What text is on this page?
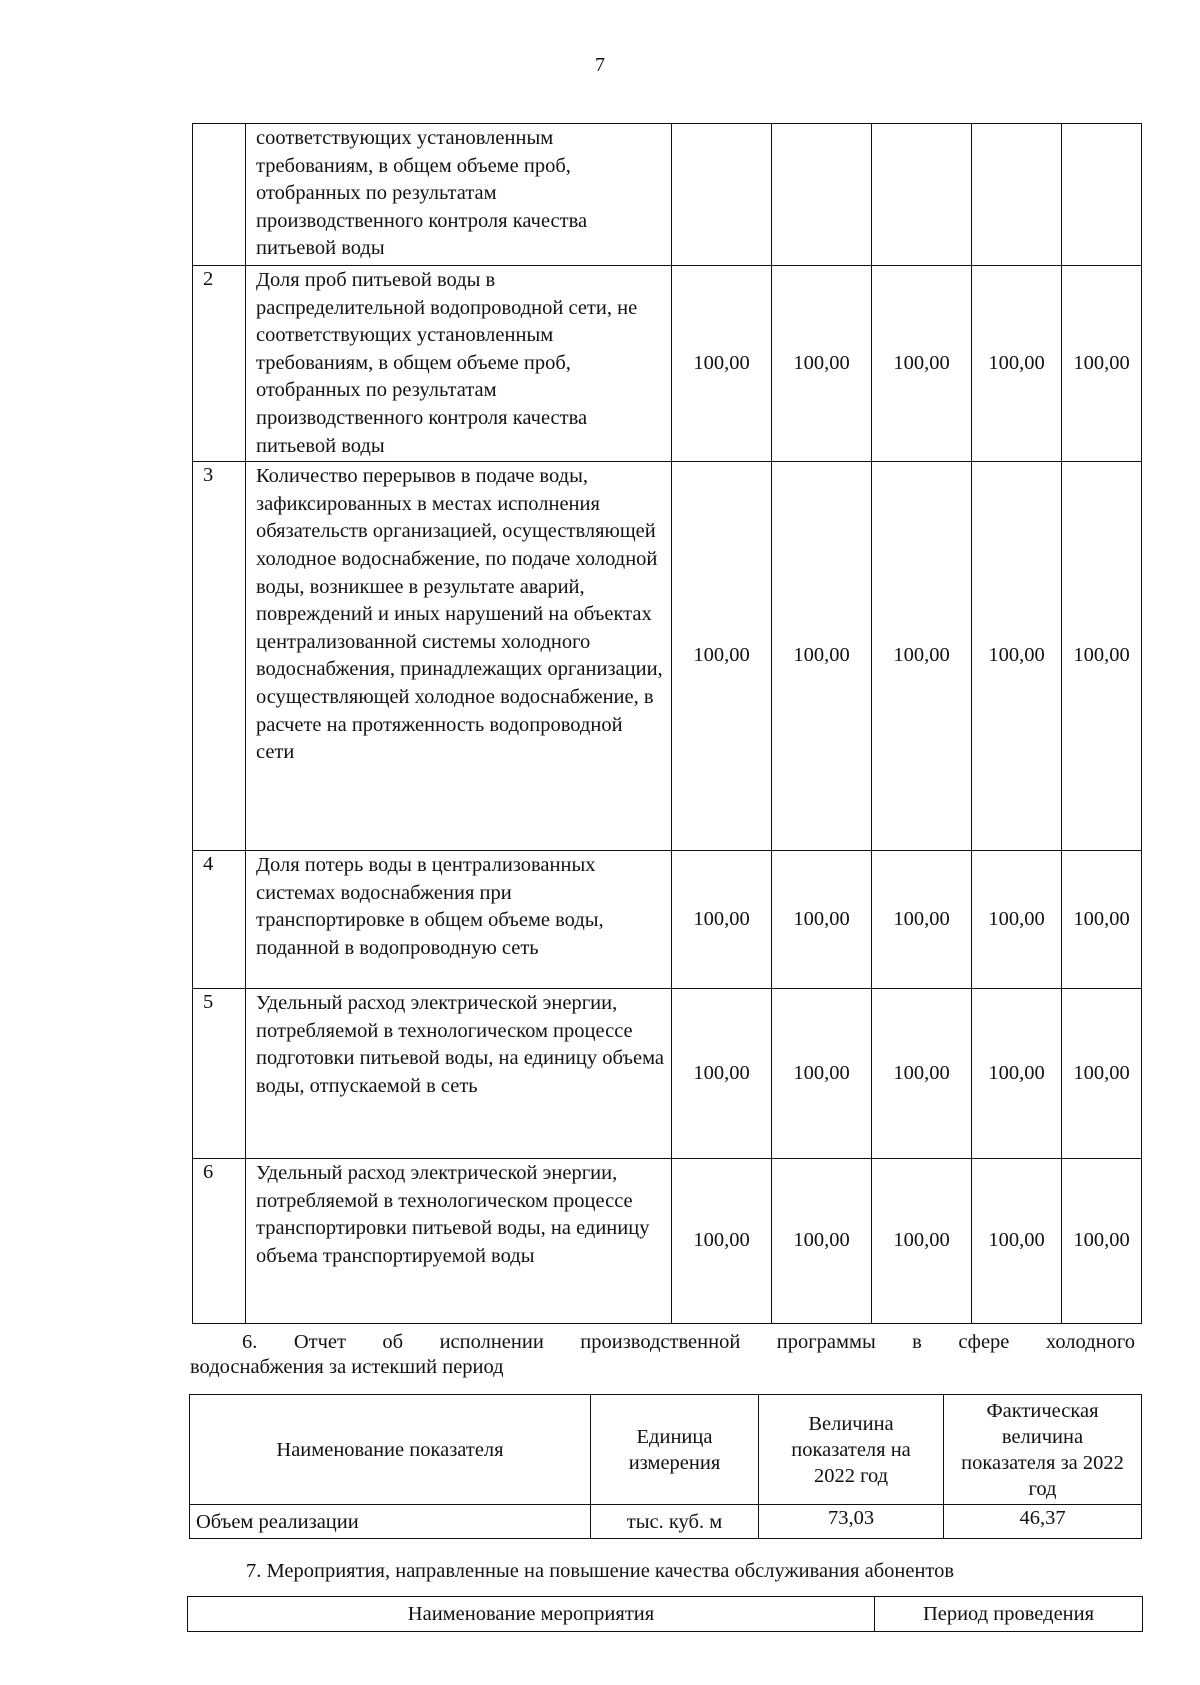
7
	соответствующих установленным требованиям, в общем объеме проб, отобранных по результатам производственного контроля качества питьевой воды					
2	Доля проб питьевой воды в распределительной водопроводной сети, не соответствующих установленным требованиям, в общем объеме проб, отобранных по результатам производственного контроля качества питьевой воды	100,00	100,00	100,00	100,00	100,00
3	Количество перерывов в подаче воды, зафиксированных в местах исполнения обязательств организацией, осуществляющей холодное водоснабжение, по подаче холодной воды, возникшее в результате аварий, повреждений и иных нарушений на объектах централизованной системы холодного водоснабжения, принадлежащих организации, осуществляющей холодное водоснабжение, в расчете на протяженность водопроводной сети	100,00	100,00	100,00	100,00	100,00
4	Доля потерь воды в централизованных системах водоснабжения при транспортировке в общем объеме воды, поданной в водопроводную сеть	100,00	100,00	100,00	100,00	100,00
5	Удельный расход электрической энергии, потребляемой в технологическом процессе подготовки питьевой воды, на единицу объема воды, отпускаемой в сеть	100,00	100,00	100,00	100,00	100,00
6	Удельный расход электрической энергии, потребляемой в технологическом процессе транспортировки питьевой воды, на единицу объема транспортируемой воды	100,00	100,00	100,00	100,00	100,00
6. Отчет об исполнении производственной программы в сфере холодного
водоснабжения за истекший период
Наименование показателя	Единица измерения	Величина показателя на 2022 год	Фактическая величина показателя за 2022 год
Объем реализации	тыс. куб. м	73,03	46,37
7. Мероприятия, направленные на повышение качества обслуживания абонентов
Наименование мероприятия	Период проведения
